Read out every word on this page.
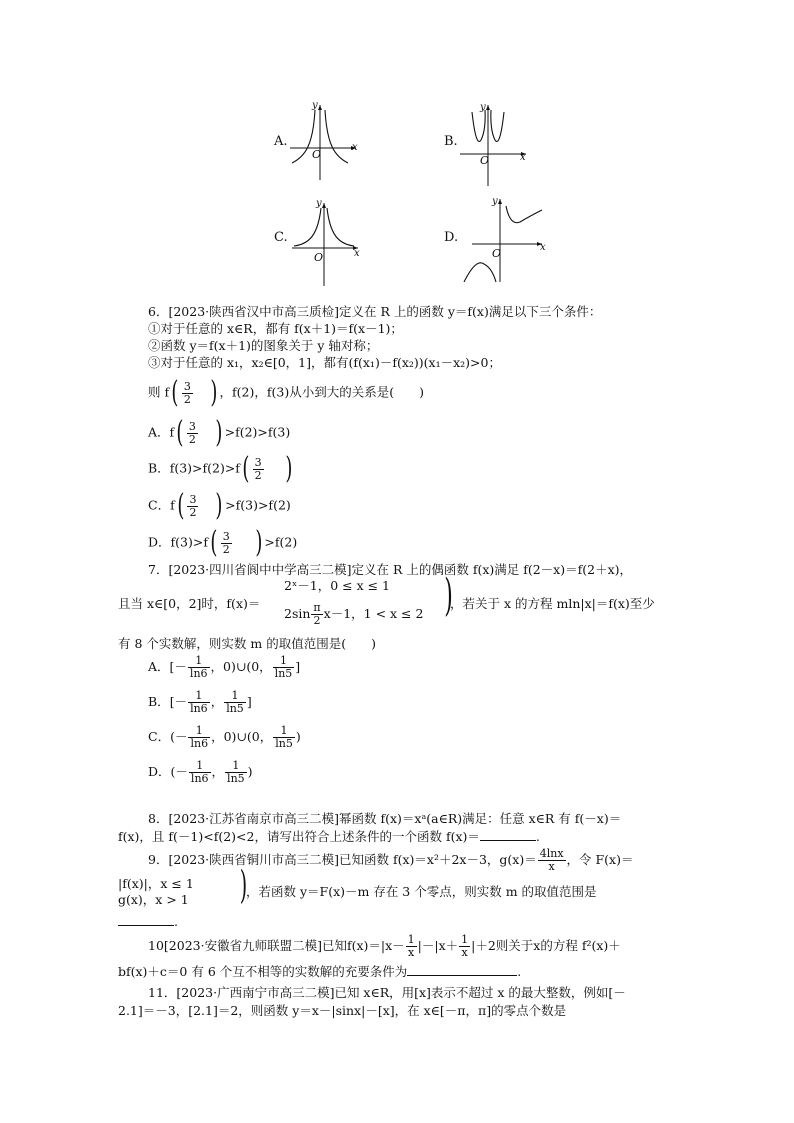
A.
y
x
O
B.
y
x
O
C.
y
x
O
D.
y
x
O
6．[2023·陕西省汉中市高三质检]定义在 R 上的函数 y＝f(x)满足以下三个条件：
①对于任意的 x∈R，都有 f(x＋1)＝f(x－1)；
②函数 y＝f(x＋1)的图象关于 y 轴对称；
③对于任意的 x₁，x₂∈[0，1]，都有(f(x₁)－f(x₂))(x₁－x₂)>0；
则 $f( \frac{3}{2}$ ) ，f(2)，f(3)从小到大的关系是(　　)
A．$f( \frac{3}{2}$ ) >f(2)>f(3)
B．$f(3)>f(2)>f( \frac{3}{2}$ )
C．$f( \frac{3}{2}$ ) >f(3)>f(2)
D．$f(3)>f( \frac{3}{2}$ ) >f(2)
7．[2023·四川省阆中中学高三二模]定义在 R 上的偶函数 f(x)满足 f(2－x)＝f(2＋x)，
且当 x∈[0，2]时，f(x)＝
2ˣ－1，0 ≤ x ≤ 1
$2\sin \frac{\pi}{2} x-1$，1 < x ≤ 2 )
，若关于 x 的方程 mln|x|＝f(x)至少
有 8 个实数解，则实数 m 的取值范围是(　　)
A．[－ $\frac{1}{\ln 6}$ ，0)∪(0， $\frac{1}{\ln 5}$ ]
B．[－ $\frac{1}{\ln 6}$ ， $\frac{1}{\ln 5}$ ]
C．(－ $\frac{1}{\ln 6}$ ，0)∪(0， $\frac{1}{\ln 5}$ )
D．(－ $\frac{1}{\ln 6}$ ， $\frac{1}{\ln 5}$ )
8．[2023·江苏省南京市高三二模]幂函数 f(x)＝xᵃ(a∈R)满足：任意 x∈R 有 f(－x)＝
f(x)，且 f(－1)<f(2)<2，请写出符合上述条件的一个函数 f(x)＝	.
9．[2023·陕西省铜川市高三二模]已知函数 f(x)＝x²＋2x－3，$g(x)= \frac{4\ln x}{x}$ ，令 F(x)＝
|f(x)|，x ≤ 1
g(x)，x > 1 )
，若函数 y＝F(x)－m 存在 3 个零点，则实数 m 的取值范围是
.
10[2023·安徽省九师联盟二模]已知$f(x)=|x- \frac{1}{x} |-|x+ \frac{1}{x} |+2$则关于x的方程 f²(x)＋
bf(x)＋c＝0 有 6 个互不相等的实数解的充要条件为	.
11．[2023·广西南宁市高三二模]已知 x∈R，用[x]表示不超过 x 的最大整数，例如[－
2.1]＝－3，[2.1]＝2，则函数 y＝x－|sinx|－[x]，在 x∈[－π，π]的零点个数是
